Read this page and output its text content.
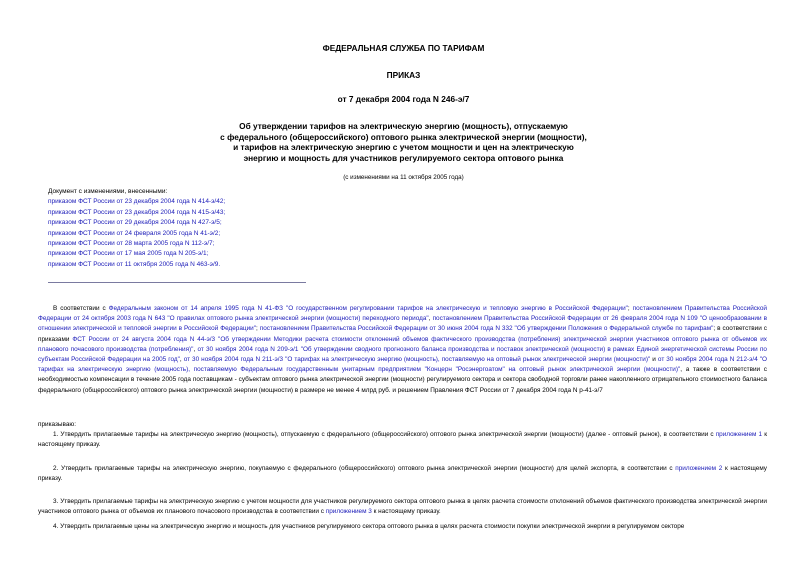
ФЕДЕРАЛЬНАЯ СЛУЖБА ПО ТАРИФАМ
ПРИКАЗ
от 7 декабря 2004 года N 246-э/7
Об утверждении тарифов на электрическую энергию (мощность), отпускаемую
с федерального (общероссийского) оптового рынка электрической энергии (мощности),
и тарифов на электрическую энергию с учетом мощности и цен на электрическую
энергию и мощность для участников регулируемого сектора оптового рынка
(с изменениями на 11 октября 2005 года)
Документ с изменениями, внесенными:
приказом ФСТ России от 23 декабря 2004 года N 414-э/42;
приказом ФСТ России от 23 декабря 2004 года N 415-э/43;
приказом ФСТ России от 29 декабря 2004 года N 427-э/5;
приказом ФСТ России от 24 февраля 2005 года N 41-э/2;
приказом ФСТ России от 28 марта 2005 года N 112-э/7;
приказом ФСТ России от 17 мая 2005 года N 205-э/1;
приказом ФСТ России от 11 октября 2005 года N 463-э/9.
В соответствии с Федеральным законом от 14 апреля 1995 года N 41-ФЗ "О государственном регулировании тарифов на электрическую и тепловую энергию в Российской Федерации"; постановлением Правительства Российской Федерации от 24 октября 2003 года N 643 "О правилах оптового рынка электрической энергии (мощности) переходного периода", постановлением Правительства Российской Федерации от 26 февраля 2004 года N 109 "О ценообразовании в отношении электрической и тепловой энергии в Российской Федерации"; постановлением Правительства Российской Федерации от 30 июня 2004 года N 332 "Об утверждении Положения о Федеральной службе по тарифам"; в соответствии с приказами ФСТ России от 24 августа 2004 года N 44-э/3 "Об утверждении Методики расчета стоимости отклонений объемов фактического производства (потребления) электрической энергии участников оптового рынка от объемов их планового почасового производства (потребления)", от 30 ноября 2004 года N 209-э/1 "Об утверждении сводного прогнозного баланса производства и поставок электрической (мощности) в рамках Единой энергетической системы России по субъектам Российской Федерации на 2005 год", от 30 ноября 2004 года N 211-э/3 "О тарифах на электрическую энергию (мощность), поставляемую на оптовый рынок электрической энергии (мощности)" и от 30 ноября 2004 года N 212-э/4 "О тарифах на электрическую энергию (мощность), поставляемую Федеральным государственным унитарным предприятием "Концерн "Росэнергоатом" на оптовый рынок электрической энергии (мощности)", а также в соответствии с необходимостью компенсации в течение 2005 года поставщикам - субъектам оптового рынка электрической энергии (мощности) регулируемого сектора и сектора свободной торговли ранее накопленного отрицательного стоимостного баланса федерального (общероссийского) оптового рынка электрической энергии (мощности) в размере не менее 4 млрд руб. и решением Правления ФСТ России от 7 декабря 2004 года N р-41-э/7
приказываю:
1. Утвердить прилагаемые тарифы на электрическую энергию (мощность), отпускаемую с федерального (общероссийского) оптового рынка электрической энергии (мощности) (далее - оптовый рынок), в соответствии с приложением 1 к настоящему приказу.
2. Утвердить прилагаемые тарифы на электрическую энергию, покупаемую с федерального (общероссийского) оптового рынка электрической энергии (мощности) для целей экспорта, в соответствии с приложением 2 к настоящему приказу.
3. Утвердить прилагаемые тарифы на электрическую энергию с учетом мощности для участников регулируемого сектора оптового рынка в целях расчета стоимости отклонений объемов фактического производства электрической энергии участников оптового рынка от объемов их планового почасового производства в соответствии с приложением 3 к настоящему приказу.
4. Утвердить прилагаемые цены на электрическую энергию и мощность для участников регулируемого сектора оптового рынка в целях расчета стоимости покупки электрической энергии в регулируемом секторе
